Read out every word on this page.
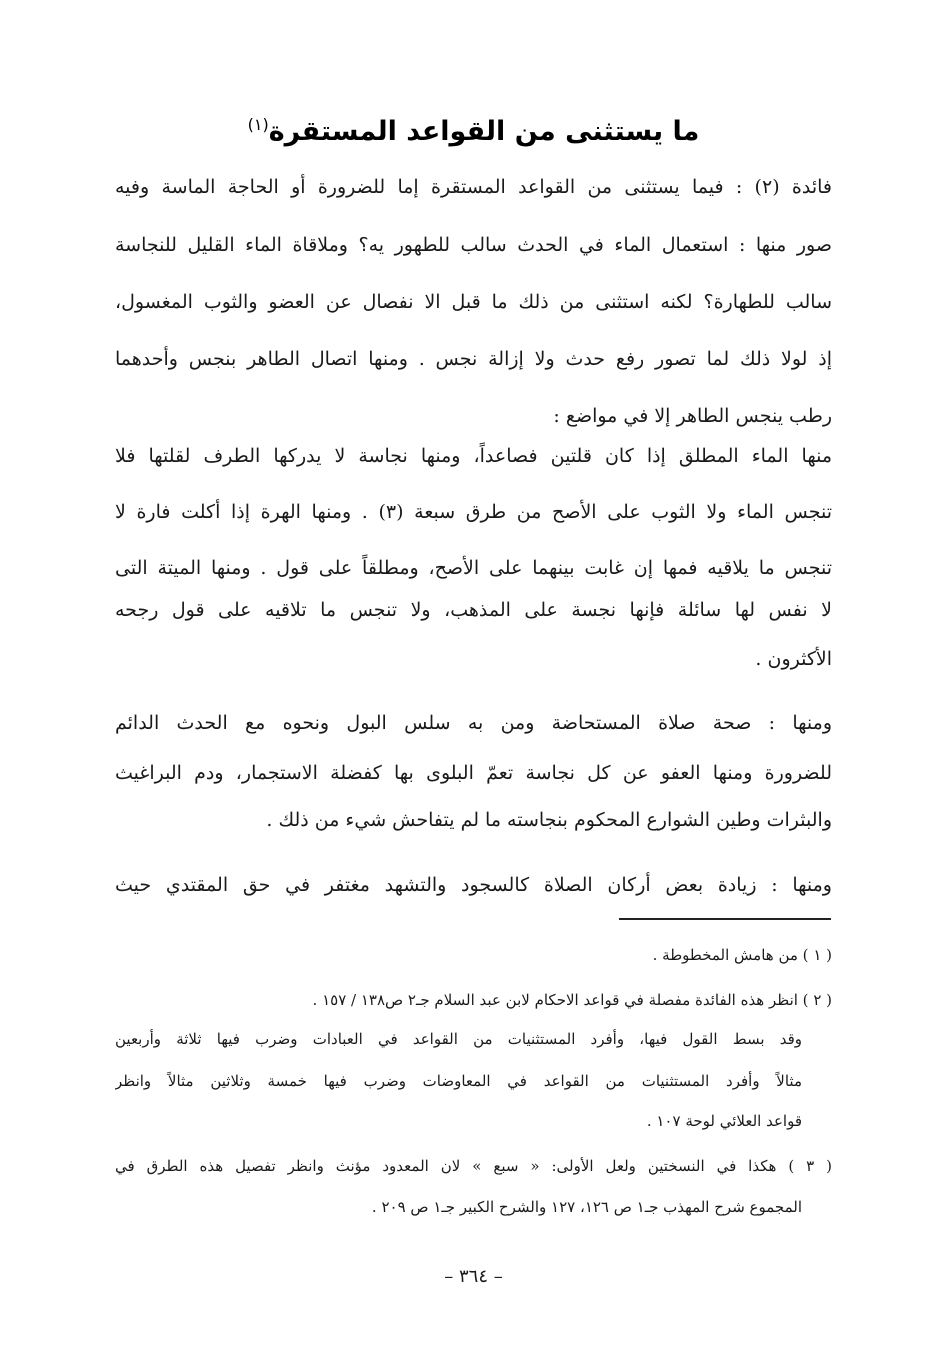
ما يستثنى من القواعد المستقرة$^{(١)}$
فائدة (٢) : فيما يستثنى من القواعد المستقرة إما للضرورة أو الحاجة الماسة وفيه
صور منها : استعمال الماء في الحدث سالب للطهور يه؟ وملاقاة الماء القليل للنجاسة
سالب للطهارة؟ لكنه استثنى من ذلك ما قبل الا نفصال عن العضو والثوب المغسول،
إذ لولا ذلك لما تصور رفع حدث ولا إزالة نجس . ومنها اتصال الطاهر بنجس وأحدهما
رطب ينجس الطاهر إلا في مواضع :
منها الماء المطلق إذا كان قلتين فصاعداً، ومنها نجاسة لا يدركها الطرف لقلتها فلا
تنجس الماء ولا الثوب على الأصح من طرق سبعة (٣) . ومنها الهرة إذا أكلت فارة لا
تنجس ما يلاقيه فمها إن غابت بينهما على الأصح، ومطلقاً على قول . ومنها الميتة التى
لا نفس لها سائلة فإنها نجسة على المذهب، ولا تنجس ما تلاقيه على قول رجحه
الأكثرون .
ومنها : صحة صلاة المستحاضة ومن به سلس البول ونحوه مع الحدث الدائم
للضرورة ومنها العفو عن كل نجاسة تعمّ البلوى بها كفضلة الاستجمار، ودم البراغيث
والبثرات وطين الشوارع المحكوم بنجاسته ما لم يتفاحش شيء من ذلك .
ومنها : زيادة بعض أركان الصلاة كالسجود والتشهد مغتفر في حق المقتدي حيث
( ١ ) من هامش المخطوطة .
( ٢ ) انظر هذه الفائدة مفصلة في قواعد الاحكام لابن عبد السلام جـ٢ ص١٣٨ / ١٥٧ .
وقد بسط القول فيها، وأفرد المستثنيات من القواعد في العبادات وضرب فيها ثلاثة وأربعين
مثالاً وأفرد المستثنيات من القواعد في المعاوضات وضرب فيها خمسة وثلاثين مثالاً وانظر
قواعد العلائي لوحة ١٠٧ .
( ٣ ) هكذا في النسختين ولعل الأولى: « سبع » لان المعدود مؤنث وانظر تفصيل هذه الطرق في
المجموع شرح المهذب جـ١ ص ١٢٦، ١٢٧ والشرح الكبير جـ١ ص ٢٠٩ .
– ٣٦٤ –
